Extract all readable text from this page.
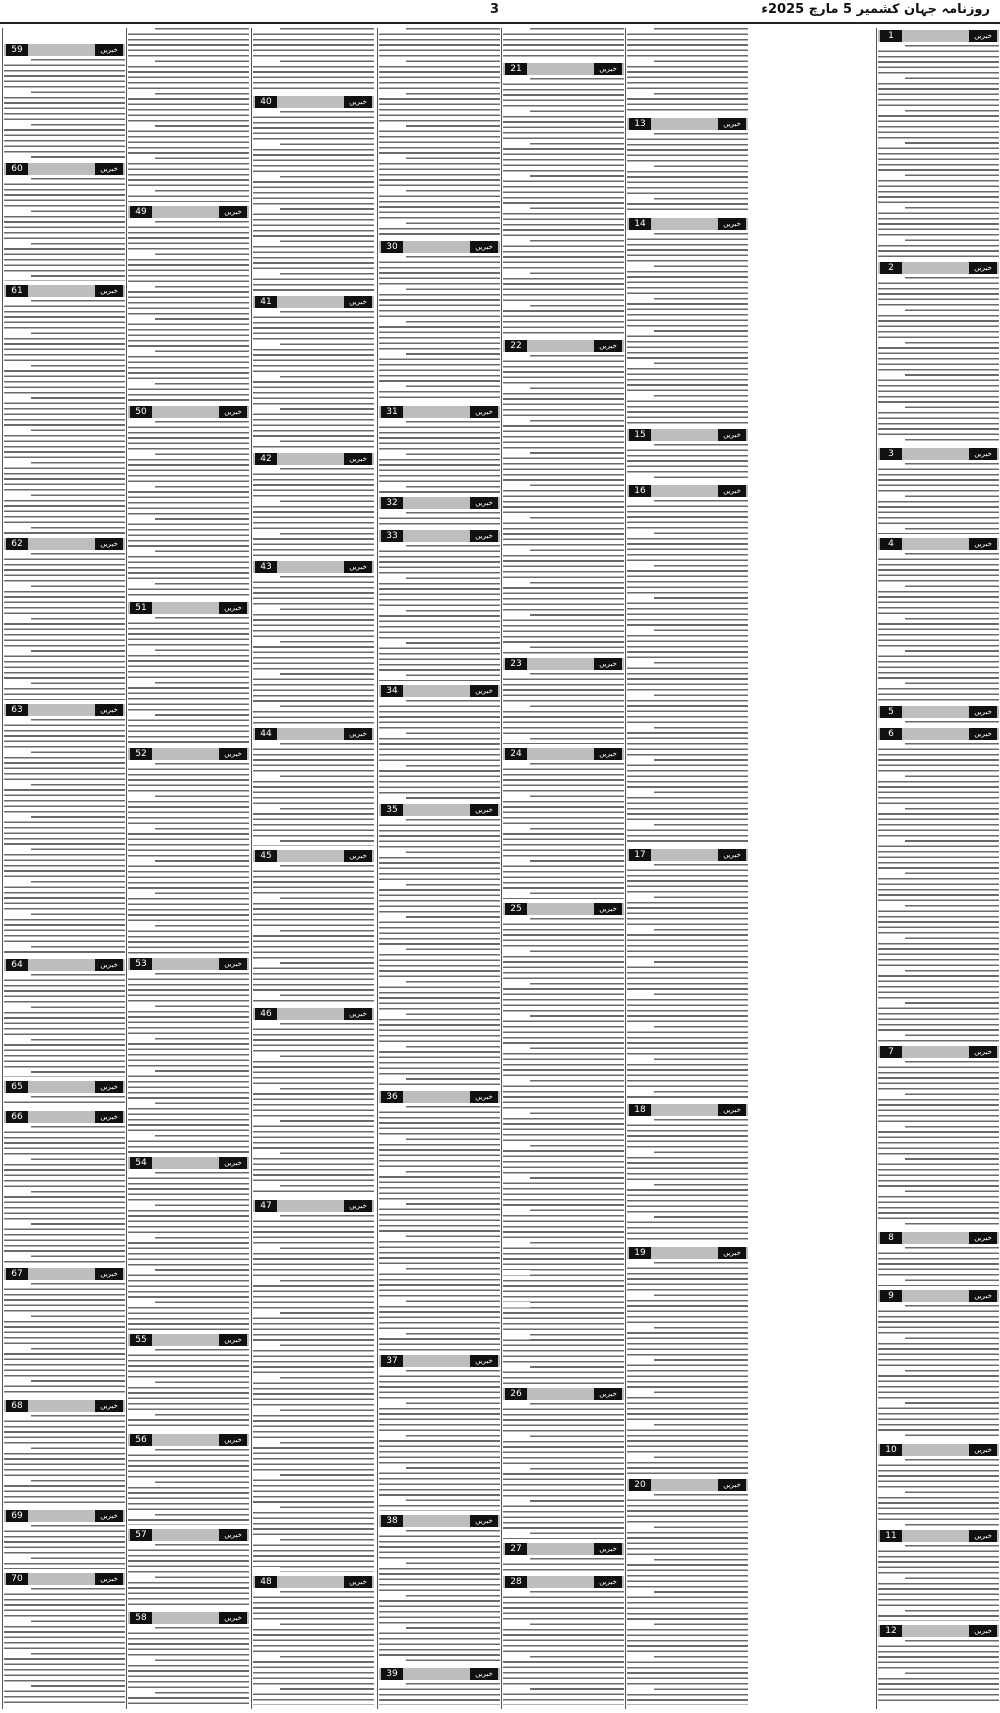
روزنامہ جہان کشمیر 5 مارچ 2025ء
3
1	خبریں
2	خبریں
3	خبریں
4	خبریں
5	خبریں
6	خبریں
7	خبریں
8	خبریں
9	خبریں
10	خبریں
11	خبریں
12	خبریں
13	خبریں
14	خبریں
15	خبریں
16	خبریں
17	خبریں
18	خبریں
19	خبریں
20	خبریں
21	خبریں
22	خبریں
23	خبریں
24	خبریں
25	خبریں
26	خبریں
27	خبریں
28	خبریں
30	خبریں
31	خبریں
32	خبریں
33	خبریں
34	خبریں
35	خبریں
36	خبریں
37	خبریں
38	خبریں
39	خبریں
40	خبریں
41	خبریں
42	خبریں
43	خبریں
44	خبریں
45	خبریں
46	خبریں
47	خبریں
48	خبریں
49	خبریں
50	خبریں
51	خبریں
52	خبریں
53	خبریں
54	خبریں
55	خبریں
56	خبریں
57	خبریں
58	خبریں
59	خبریں
60	خبریں
61	خبریں
62	خبریں
63	خبریں
64	خبریں
65	خبریں
66	خبریں
67	خبریں
68	خبریں
69	خبریں
70	خبریں
